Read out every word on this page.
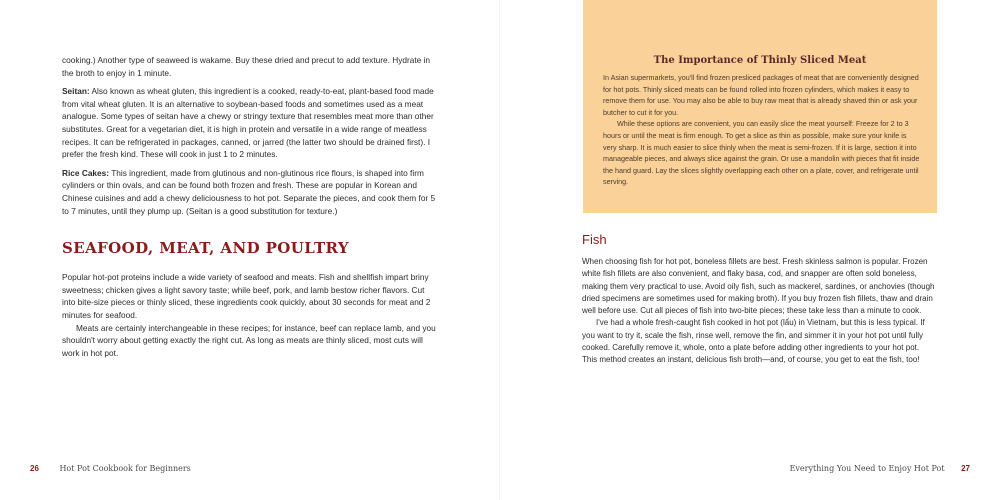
cooking.) Another type of seaweed is wakame. Buy these dried and precut to add texture. Hydrate in the broth to enjoy in 1 minute.

Seitan: Also known as wheat gluten, this ingredient is a cooked, ready-to-eat, plant-based food made from vital wheat gluten. It is an alternative to soybean-based foods and sometimes used as a meat analogue. Some types of seitan have a chewy or stringy texture that resembles meat more than other substitutes. Great for a vegetarian diet, it is high in protein and versatile in a wide range of meatless recipes. It can be refrigerated in packages, canned, or jarred (the latter two should be drained first). I prefer the fresh kind. These will cook in just 1 to 2 minutes.

Rice Cakes: This ingredient, made from glutinous and non-glutinous rice flours, is shaped into firm cylinders or thin ovals, and can be found both frozen and fresh. These are popular in Korean and Chinese cuisines and add a chewy deliciousness to hot pot. Separate the pieces, and cook them for 5 to 7 minutes, until they plump up. (Seitan is a good substitution for texture.)

SEAFOOD, MEAT, AND POULTRY

Popular hot-pot proteins include a wide variety of seafood and meats. Fish and shellfish impart briny sweetness; chicken gives a light savory taste; while beef, pork, and lamb bestow richer flavors. Cut into bite-size pieces or thinly sliced, these ingredients cook quickly, about 30 seconds for meat and 2 minutes for seafood.

Meats are certainly interchangeable in these recipes; for instance, beef can replace lamb, and you shouldn't worry about getting exactly the right cut. As long as meats are thinly sliced, most cuts will work in hot pot.

26	Hot Pot Cookbook for Beginners
The Importance of Thinly Sliced Meat

In Asian supermarkets, you'll find frozen presliced packages of meat that are conveniently designed for hot pots. Thinly sliced meats can be found rolled into frozen cylinders, which makes it easy to remove them for use. You may also be able to buy raw meat that is already shaved thin or ask your butcher to cut it for you.

While these options are convenient, you can easily slice the meat yourself: Freeze for 2 to 3 hours or until the meat is firm enough. To get a slice as thin as possible, make sure your knife is very sharp. It is much easier to slice thinly when the meat is semi-frozen. If it is large, section it into manageable pieces, and always slice against the grain. Or use a mandolin with pieces that fit inside the hand guard. Lay the slices slightly overlapping each other on a plate, cover, and refrigerate until serving.

Fish

When choosing fish for hot pot, boneless fillets are best. Fresh skinless salmon is popular. Frozen white fish fillets are also convenient, and flaky basa, cod, and snapper are often sold boneless, making them very practical to use. Avoid oily fish, such as mackerel, sardines, or anchovies (though dried specimens are sometimes used for making broth). If you buy frozen fish fillets, thaw and drain well before use. Cut all pieces of fish into two-bite pieces; these take less than a minute to cook.

I've had a whole fresh-caught fish cooked in hot pot (lẩu) in Vietnam, but this is less typical. If you want to try it, scale the fish, rinse well, remove the fin, and simmer it in your hot pot until fully cooked. Carefully remove it, whole, onto a plate before adding other ingredients to your hot pot. This method creates an instant, delicious fish broth—and, of course, you get to eat the fish, too!

Everything You Need to Enjoy Hot Pot 27
